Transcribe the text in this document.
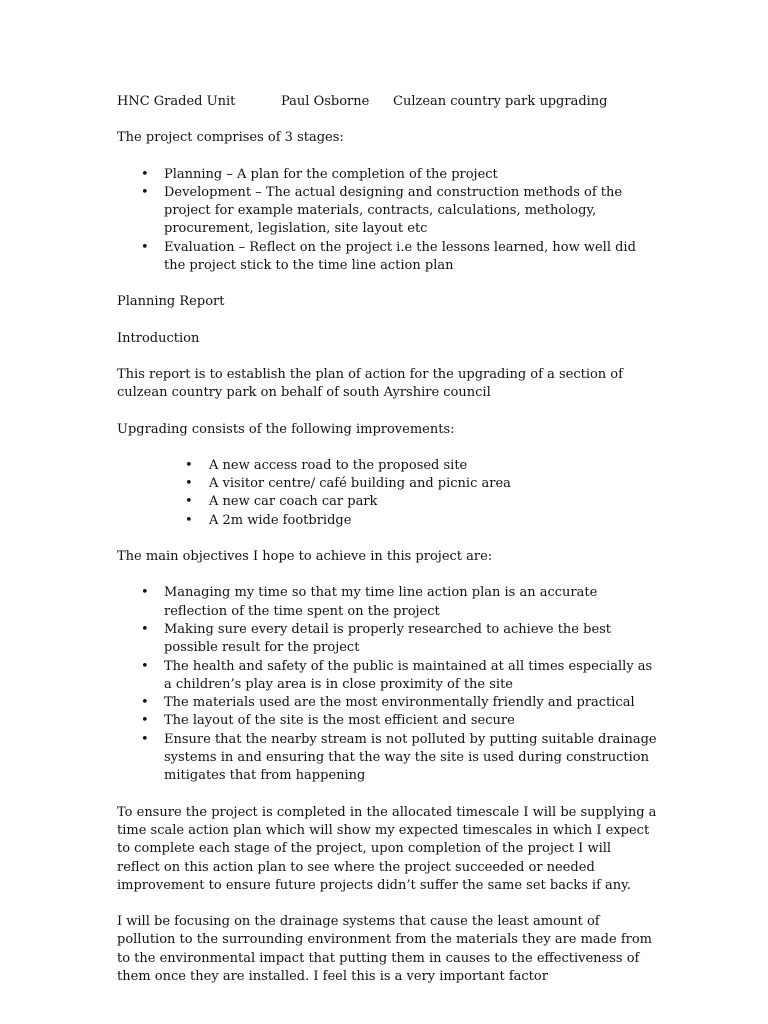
HNC Graded Unit	Paul Osborne	Culzean country park upgrading

The project comprises of 3 stages:

• Planning – A plan for the completion of the project
• Development – The actual designing and construction methods of the project for example materials, contracts, calculations, methology, procurement, legislation, site layout etc
• Evaluation – Reflect on the project i.e the lessons learned, how well did the project stick to the time line action plan

Planning Report

Introduction

This report is to establish the plan of action for the upgrading of a section of culzean country park on behalf of south Ayrshire council

Upgrading consists of the following improvements:

• A new access road to the proposed site
• A visitor centre/ café building and picnic area
• A new car coach car park
• A 2m wide footbridge

The main objectives I hope to achieve in this project are:

• Managing my time so that my time line action plan is an accurate reflection of the time spent on the project
• Making sure every detail is properly researched to achieve the best possible result for the project
• The health and safety of the public is maintained at all times especially as a children’s play area is in close proximity of the site
• The materials used are the most environmentally friendly and practical
• The layout of the site is the most efficient and secure
• Ensure that the nearby stream is not polluted by putting suitable drainage systems in and ensuring that the way the site is used during construction mitigates that from happening

To ensure the project is completed in the allocated timescale I will be supplying a time scale action plan which will show my expected timescales in which I expect to complete each stage of the project, upon completion of the project I will reflect on this action plan to see where the project succeeded or needed improvement to ensure future projects didn’t suffer the same set backs if any.

I will be focusing on the drainage systems that cause the least amount of pollution to the surrounding environment from the materials they are made from to the environmental impact that putting them in causes to the effectiveness of them once they are installed. I feel this is a very important factor
